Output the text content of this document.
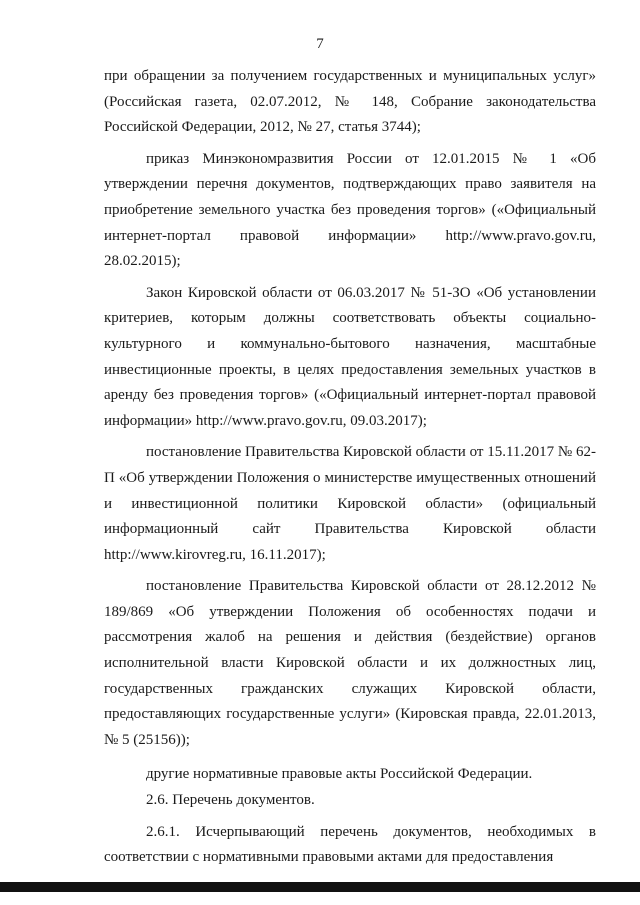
7

при обращении за получением государственных и муниципальных услуг» (Российская газета, 02.07.2012, № 148, Собрание законодательства Российской Федерации, 2012, № 27, статья 3744);

приказ Минэкономразвития России от 12.01.2015 № 1 «Об утверждении перечня документов, подтверждающих право заявителя на приобретение земельного участка без проведения торгов» («Официальный интернет-портал правовой информации» http://www.pravo.gov.ru, 28.02.2015);

Закон Кировской области от 06.03.2017 № 51-ЗО «Об установлении критериев, которым должны соответствовать объекты социально-культурного и коммунально-бытового назначения, масштабные инвестиционные проекты, в целях предоставления земельных участков в аренду без проведения торгов» («Официальный интернет-портал правовой информации» http://www.pravo.gov.ru, 09.03.2017);

постановление Правительства Кировской области от 15.11.2017 № 62-П «Об утверждении Положения о министерстве имущественных отношений и инвестиционной политики Кировской области» (официальный информационный сайт Правительства Кировской области http://www.kirovreg.ru, 16.11.2017);

постановление Правительства Кировской области от 28.12.2012 № 189/869 «Об утверждении Положения об особенностях подачи и рассмотрения жалоб на решения и действия (бездействие) органов исполнительной власти Кировской области и их должностных лиц, государственных гражданских служащих Кировской области, предоставляющих государственные услуги» (Кировская правда, 22.01.2013, № 5 (25156));

другие нормативные правовые акты Российской Федерации.

2.6. Перечень документов.

2.6.1. Исчерпывающий перечень документов, необходимых в соответствии с нормативными правовыми актами для предоставления
